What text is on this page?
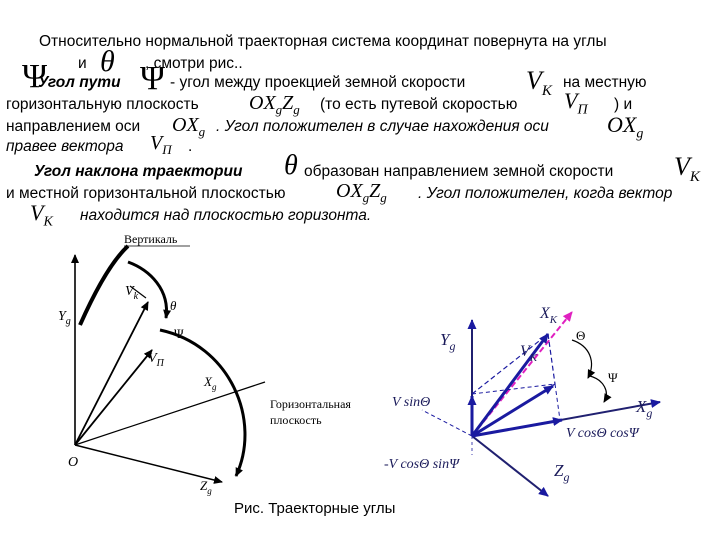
Относительно нормальной траекторная система координат повернута на углы
Ψ и θ , смотри рис..
Угол пути Ψ - угол между проекцией земной скорости $V_K$
на местную
горизонтальную плоскость	$OX_gZ_g$ (то есть путевой скоростью $V_П$ ) и
направлением оси $OX_g$ . Угол положителен в случае нахождения оси	$OX_g$
правее вектора $V_П$ .
Угол наклона траектории θ образован направлением земной скорости $V_K$
и местной горизонтальной плоскостью	$OX_gZ_g$ . Угол положителен, когда вектор
$V_K$ находится над плоскостью горизонта.
Вертикаль
$Y_g$
$V_k$
θ
Ψ
$V_П$
$X_g$
Горизонтальная плоскость
O
$Z_g$
$Y_g$
$X_K$
$V_K$
Θ
Ψ
V sinΘ	$X_g$
V cosΘ cosΨ
-V cosΘ sinΨ	$Z_g$
Рис. Траекторные углы
